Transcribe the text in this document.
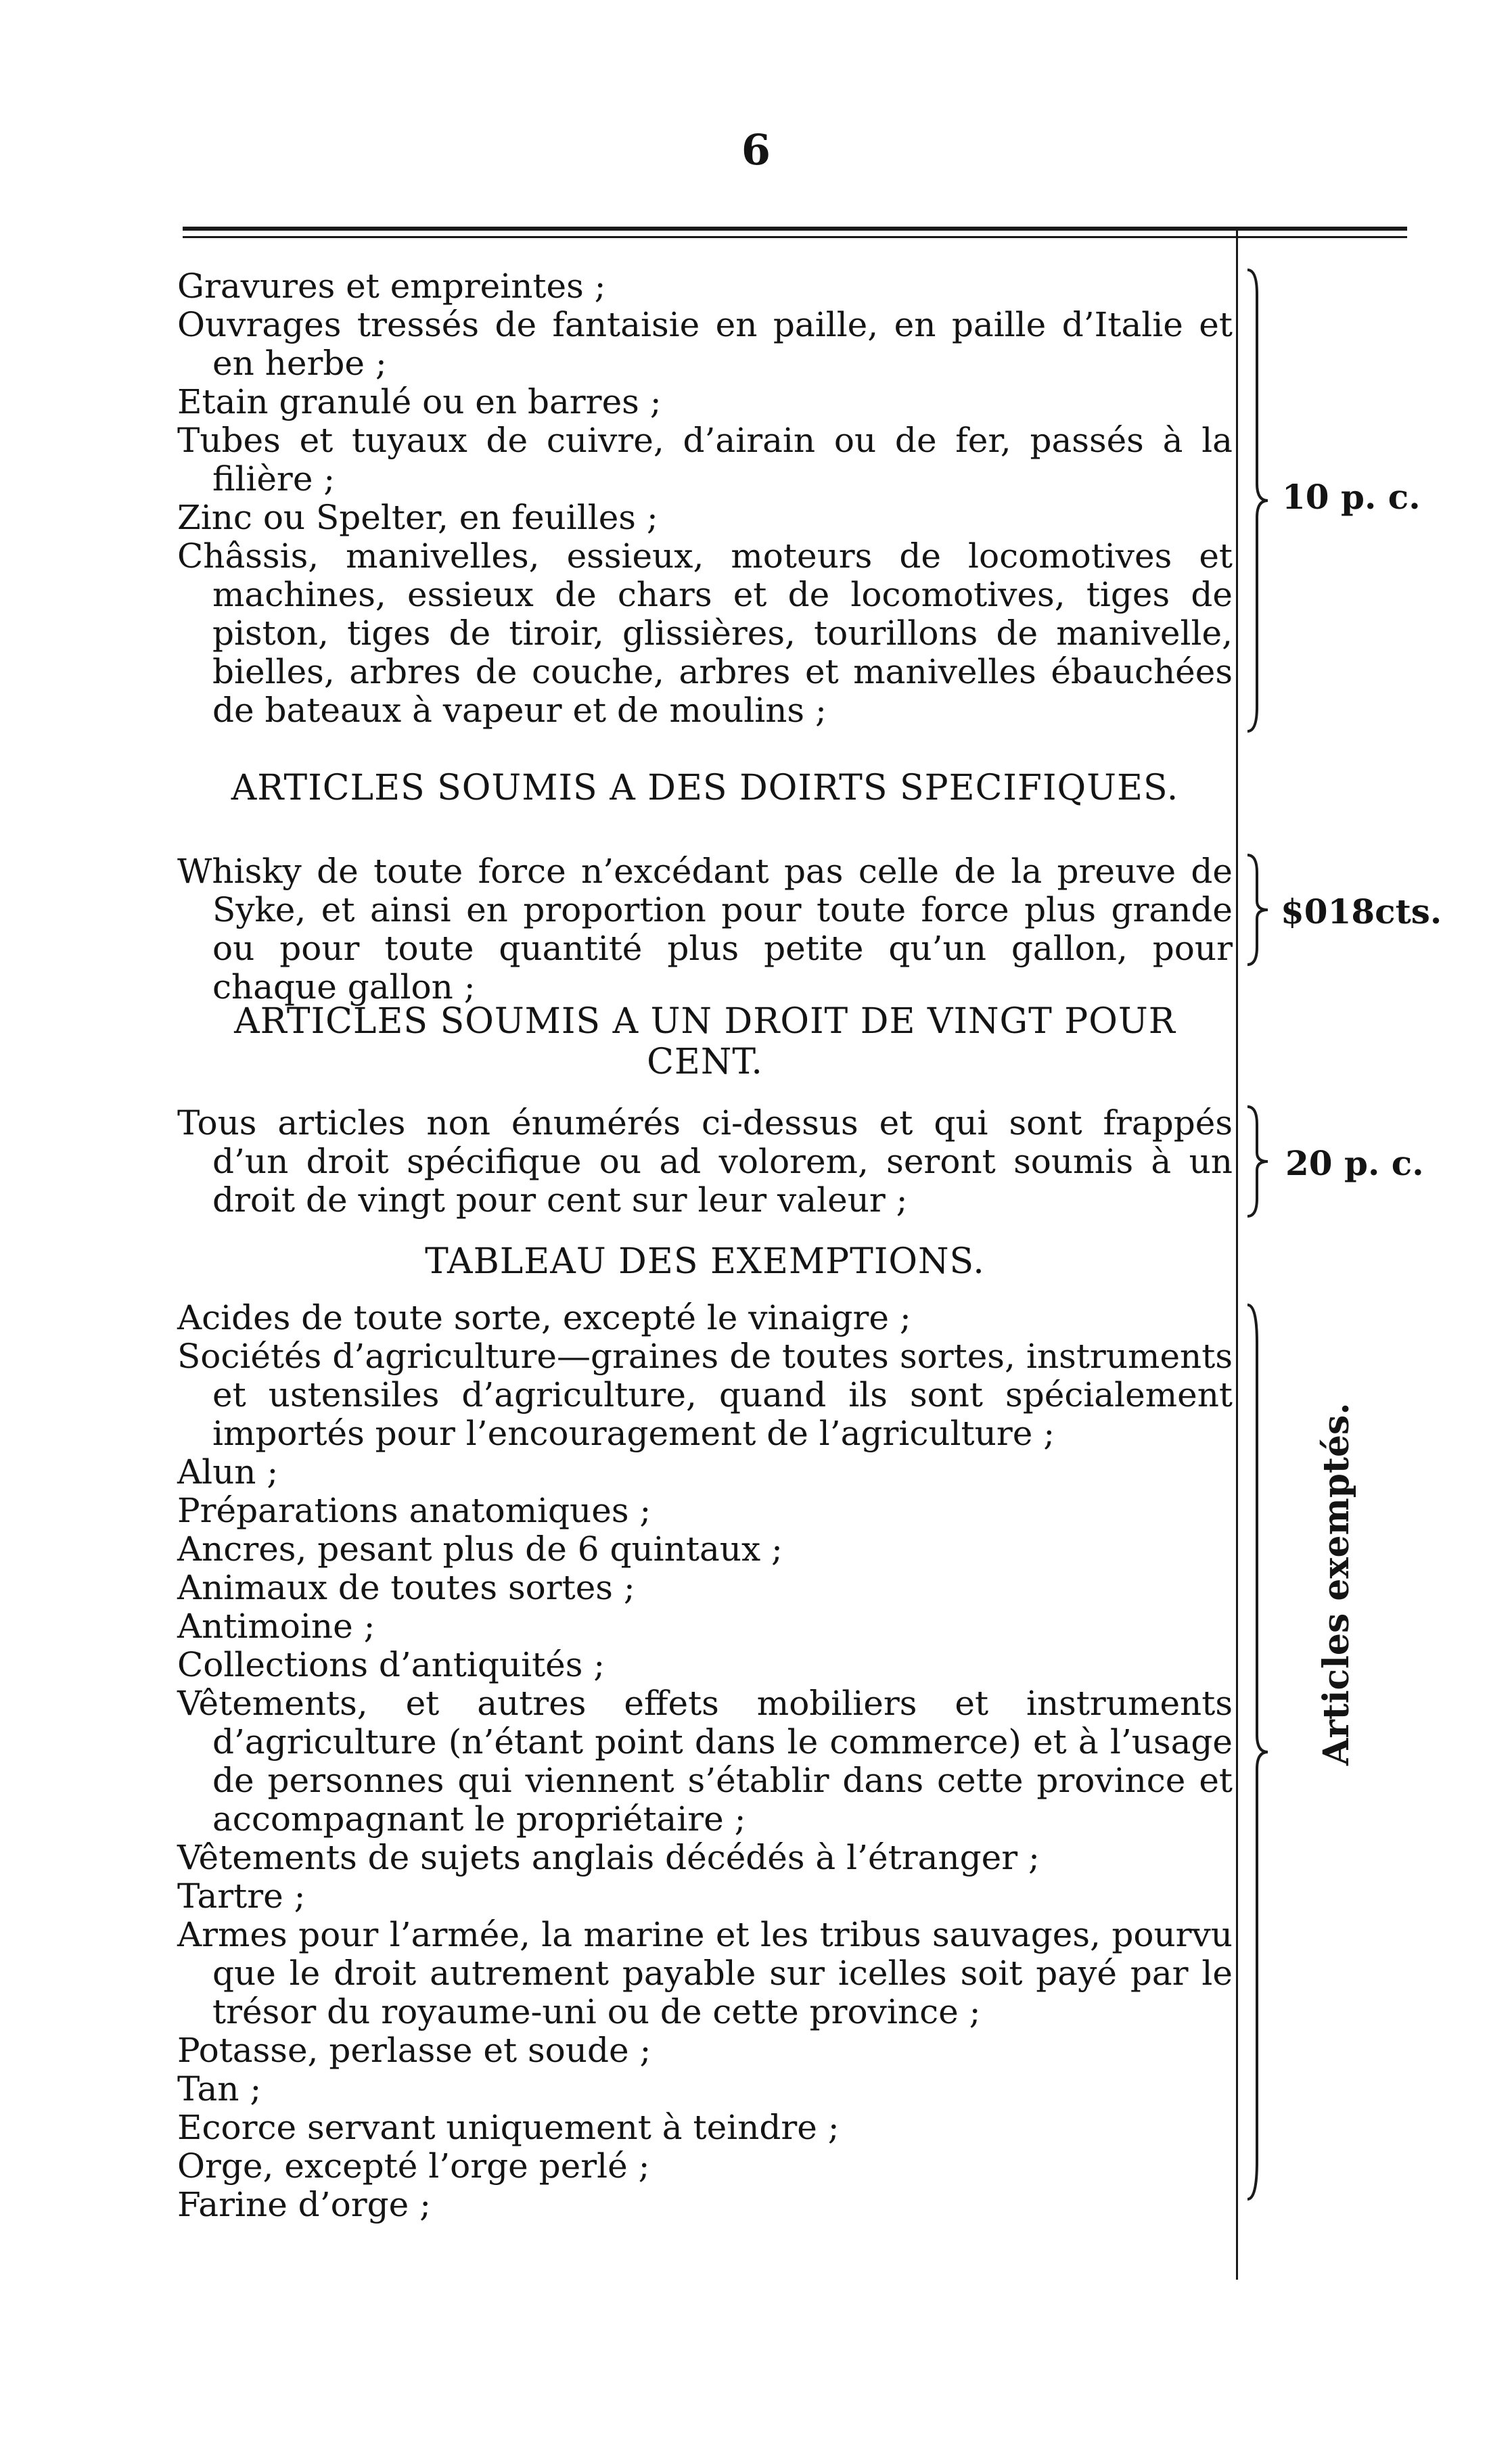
6
Gravures et empreintes ;
Ouvrages tressés de fantaisie en paille, en paille d’Italie et en herbe ;
Etain granulé ou en barres ;
Tubes et tuyaux de cuivre, d’airain ou de fer, passés à la filière ;
Zinc ou Spelter, en feuilles ;
Châssis, manivelles, essieux, moteurs de locomotives et machines, essieux de chars et de locomotives, tiges de piston, tiges de tiroir, glissières, tourillons de manivelle, bielles, arbres de couche, arbres et manivelles ébauchées de bateaux à vapeur et de moulins ;
10 p. c.
ARTICLES SOUMIS A DES DOIRTS SPECIFIQUES.
Whisky de toute force n’excédant pas celle de la preuve de Syke, et ainsi en proportion pour toute force plus grande ou pour toute quantité plus petite qu’un gallon, pour chaque gallon ;
$018cts.
ARTICLES SOUMIS A UN DROIT DE VINGT POUR CENT.
Tous articles non énumérés ci-dessus et qui sont frappés d’un droit spécifique ou ad volorem, seront soumis à un droit de vingt pour cent sur leur valeur ;
20 p. c.
TABLEAU DES EXEMPTIONS.
Acides de toute sorte, excepté le vinaigre ;
Sociétés d’agriculture—graines de toutes sortes, instruments et ustensiles d’agriculture, quand ils sont spécialement importés pour l’encouragement de l’agriculture ;
Alun ;
Préparations anatomiques ;
Ancres, pesant plus de 6 quintaux ;
Animaux de toutes sortes ;
Antimoine ;
Collections d’antiquités ;
Vêtements, et autres effets mobiliers et instruments d’agriculture (n’étant point dans le commerce) et à l’usage de personnes qui viennent s’établir dans cette province et accompagnant le propriétaire ;
Vêtements de sujets anglais décédés à l’étranger ;
Tartre ;
Armes pour l’armée, la marine et les tribus sauvages, pourvu que le droit autrement payable sur icelles soit payé par le trésor du royaume-uni ou de cette province ;
Potasse, perlasse et soude ;
Tan ;
Ecorce servant uniquement à teindre ;
Orge, excepté l’orge perlé ;
Farine d’orge ;
Articles exemptés.
